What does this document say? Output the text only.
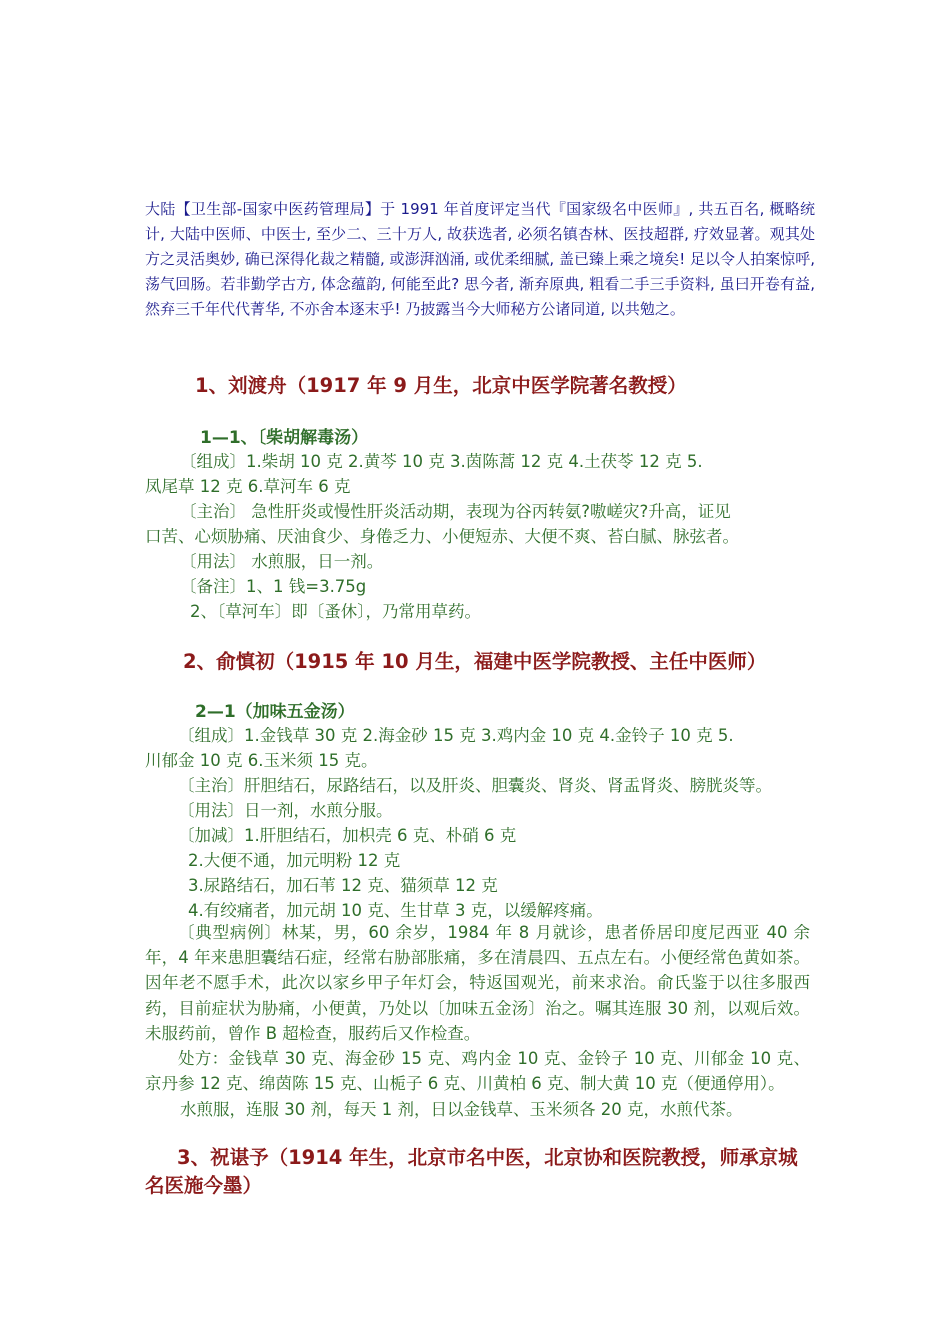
大陆【卫生部-国家中医药管理局】于 1991 年首度评定当代『国家级名中医师』, 共五百名, 概略统计, 大陆中医师、中医士, 至少二、三十万人, 故获选者, 必须名镇杏林、医技超群, 疗效显著。观其处方之灵活奥妙, 确已深得化裁之精髓, 或澎湃汹涌, 或优柔细腻, 盖已臻上乘之境矣! 足以令人拍案惊呼, 荡气回肠。若非勤学古方, 体念蕴韵, 何能至此? 思今者, 渐弃原典, 粗看二手三手资料, 虽曰开卷有益, 然弃三千年代代菁华, 不亦舍本逐末乎! 乃披露当今大师秘方公诸同道, 以共勉之。

1、刘渡舟（1917 年 9 月生，北京中医学院著名教授）
1—1、〔柴胡解毒汤）
〔组成〕1.柴胡 10 克 2.黄芩 10 克 3.茵陈蒿 12 克 4.土茯苓 12 克 5.
凤尾草 12 克 6.草河车 6 克
〔主治〕 急性肝炎或慢性肝炎活动期，表现为谷丙转氨?嗷嵯灾?升高，证见
口苦、心烦胁痛、厌油食少、身倦乏力、小便短赤、大便不爽、苔白腻、脉弦者。
〔用法〕 水煎服，日一剂。
〔备注〕1、1 钱=3.75g
2、〔草河车〕即〔蚤休〕，乃常用草药。
2、俞慎初（1915 年 10 月生，福建中医学院教授、主任中医师）
2—1（加味五金汤）
〔组成〕1.金钱草 30 克 2.海金砂 15 克 3.鸡内金 10 克 4.金铃子 10 克 5.
川郁金 10 克 6.玉米须 15 克。
〔主治〕肝胆结石，尿路结石，以及肝炎、胆囊炎、肾炎、肾盂肾炎、膀胱炎等。
〔用法〕日一剂，水煎分服。
〔加减〕1.肝胆结石，加枳壳 6 克、朴硝 6 克
2.大便不通，加元明粉 12 克
3.尿路结石，加石苇 12 克、猫须草 12 克
4.有绞痛者，加元胡 10 克、生甘草 3 克，以缓解疼痛。

〔典型病例〕林某，男，60 余岁，1984 年 8 月就诊，患者侨居印度尼西亚 40 余年，4 年来患胆囊结石症，经常右胁部胀痛，多在清晨四、五点左右。小便经常色黄如茶。因年老不愿手术，此次以家乡甲子年灯会，特返国观光，前来求治。俞氏鉴于以往多服西药，目前症状为胁痛，小便黄，乃处以〔加味五金汤〕治之。嘱其连服 30 剂，以观后效。未服药前，曾作 B 超检查，服药后又作检查。

处方：金钱草 30 克、海金砂 15 克、鸡内金 10 克、金铃子 10 克、川郁金 10 克、京丹参 12 克、绵茵陈 15 克、山栀子 6 克、川黄柏 6 克、制大黄 10 克（便通停用）。

水煎服，连服 30 剂，每天 1 剂，日以金钱草、玉米须各 20 克，水煎代茶。
3、祝谌予（1914 年生，北京市名中医，北京协和医院教授，师承京城名医施今墨）
